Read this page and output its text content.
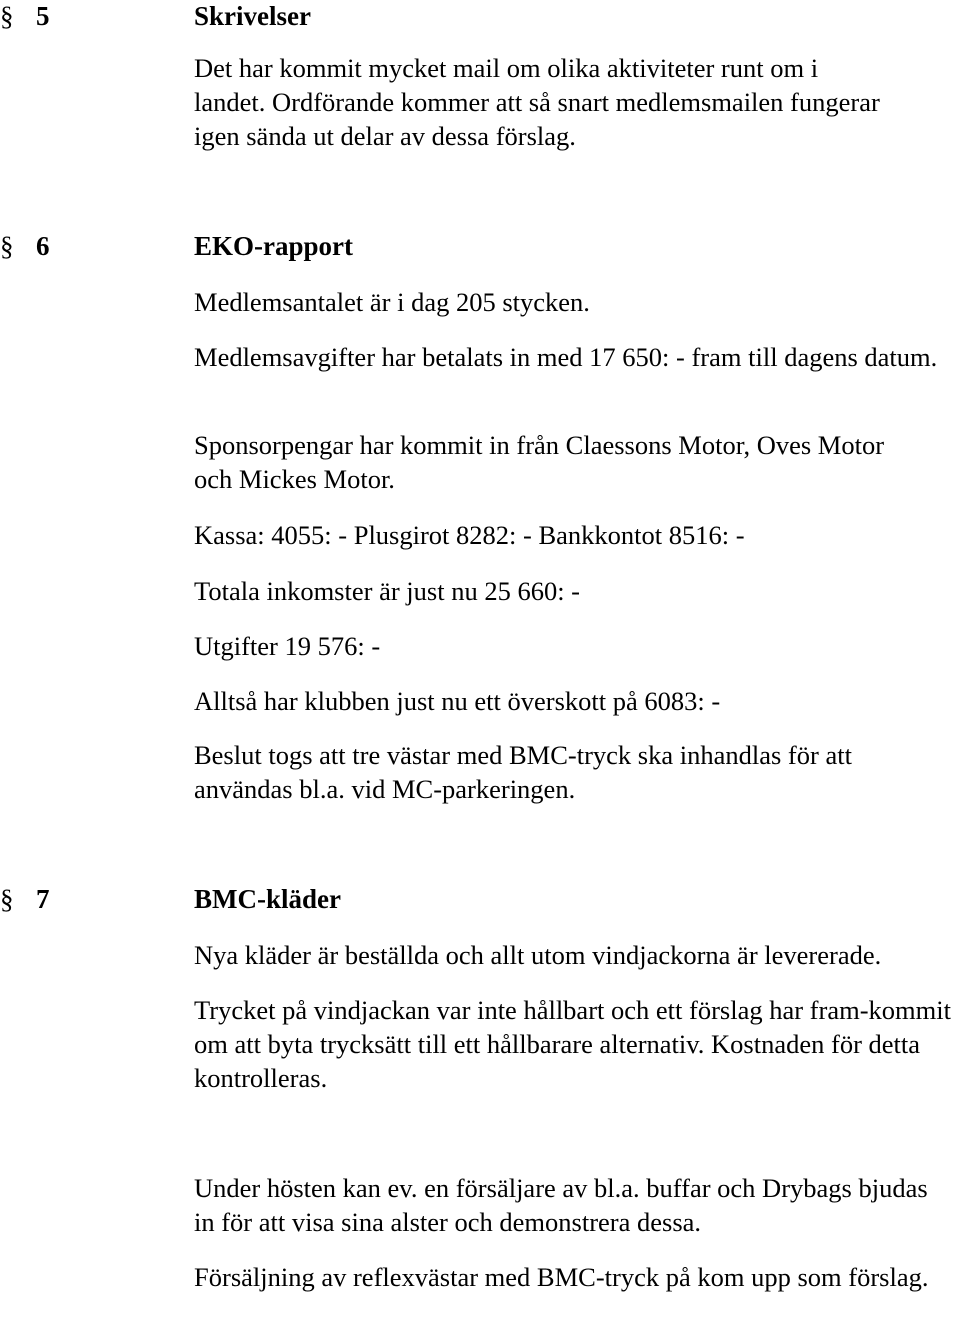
§ 5	Skrivelser

Det har kommit mycket mail om olika aktiviteter runt om i landet. Ordförande kommer att så snart medlemsmailen fungerar igen sända ut delar av dessa förslag.

§ 6	EKO-rapport

Medlemsantalet är i dag 205 stycken.

Medlemsavgifter har betalats in med 17 650: - fram till dagens datum.

Sponsorpengar har kommit in från Claessons Motor, Oves Motor och Mickes Motor.

Kassa: 4055: - Plusgirot 8282: - Bankkontot 8516: -

Totala inkomster är just nu 25 660: -

Utgifter 19 576: -

Alltså har klubben just nu ett överskott på 6083: -

Beslut togs att tre västar med BMC-tryck ska inhandlas för att användas bl.a. vid MC-parkeringen.

§ 7	BMC-kläder

Nya kläder är beställda och allt utom vindjackorna är levererade.

Trycket på vindjackan var inte hållbart och ett förslag har fram-kommit om att byta trycksätt till ett hållbarare alternativ. Kostnaden för detta kontrolleras.

Under hösten kan ev. en försäljare av bl.a. buffar och Drybags bjudas in för att visa sina alster och demonstrera dessa.

Försäljning av reflexvästar med BMC-tryck på kom upp som förslag.
